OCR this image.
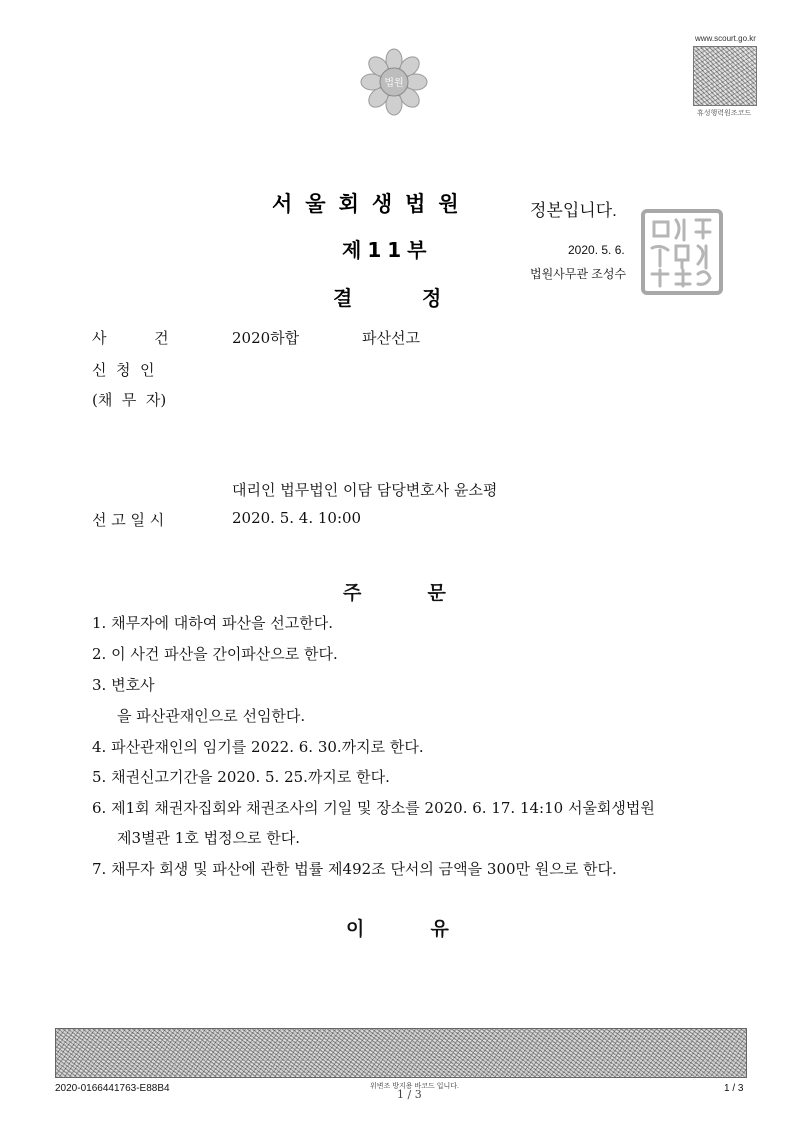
법원
www.scourt.go.kr
휴성행력원조코드
서울회생법원
제11부
결          정
정본입니다.
2020. 5. 6.
법원사무관 조성수
사          건	2020하합	파산선고
신  청  인
(채  무  자)
대리인 법무법인 이담 담당변호사 윤소평
선 고 일 시	2020. 5. 4. 10:00
주          문
1. 채무자에 대하여 파산을 선고한다.
2. 이 사건 파산을 간이파산으로 한다.
3. 변호사
을 파산관재인으로 선임한다.
4. 파산관재인의 임기를 2022. 6. 30.까지로 한다.
5. 채권신고기간을 2020. 5. 25.까지로 한다.
6. 제1회 채권자집회와 채권조사의 기일 및 장소를 2020. 6. 17. 14:10 서울회생법원
제3별관 1호 법정으로 한다.
7. 채무자 회생 및 파산에 관한 법률 제492조 단서의 금액을 300만 원으로 한다.
이          유
2020-0166441763-E88B4	위변조 방지용 바코드 입니다.
1 / 3	1 / 3
